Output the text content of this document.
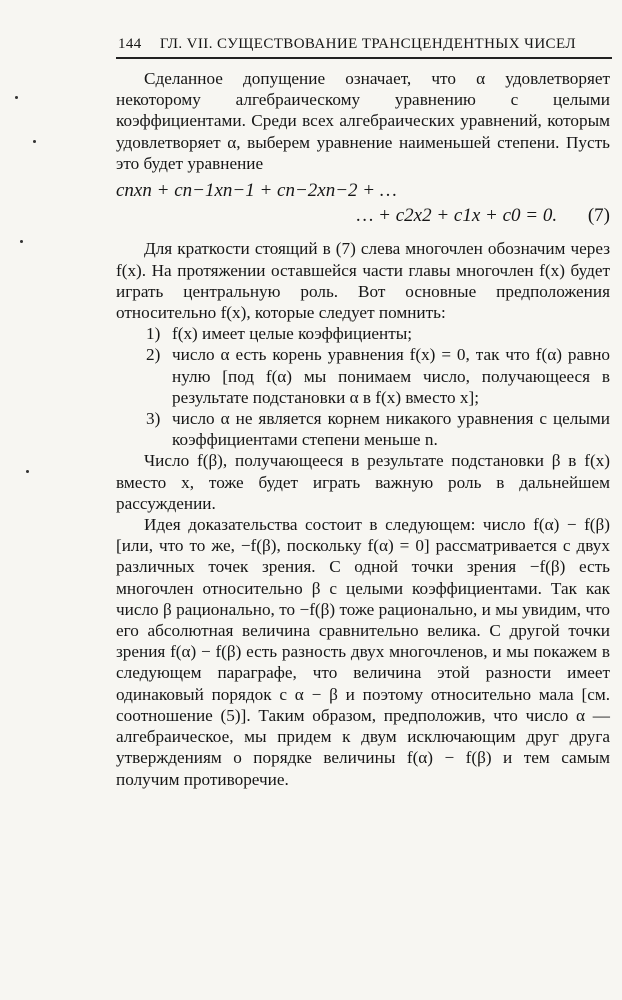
144 ГЛ. VII. СУЩЕСТВОВАНИЕ ТРАНСЦЕНДЕНТНЫХ ЧИСЕЛ

Сделанное допущение означает, что α удовлетворяет некоторому алгебраическому уравнению с целыми коэффициентами. Среди всех алгебраических уравнений, которым удовлетворяет α, выберем уравнение наименьшей степени. Пусть это будет уравнение

cnxn + cn−1xn−1 + cn−2xn−2 + …
… + c2x2 + c1x + c0 = 0. (7)

Для краткости стоящий в (7) слева многочлен обозначим через f(x). На протяжении оставшейся части главы многочлен f(x) будет играть центральную роль. Вот основные предположения относительно f(x), которые следует помнить:

1) f(x) имеет целые коэффициенты;
2) число α есть корень уравнения f(x) = 0, так что f(α) равно нулю [под f(α) мы понимаем число, получающееся в результате подстановки α в f(x) вместо x];
3) число α не является корнем никакого уравнения с целыми коэффициентами степени меньше n.

Число f(β), получающееся в результате подстановки β в f(x) вместо x, тоже будет играть важную роль в дальнейшем рассуждении.

Идея доказательства состоит в следующем: число f(α) − f(β) [или, что то же, −f(β), поскольку f(α) = 0] рассматривается с двух различных точек зрения. С одной точки зрения −f(β) есть многочлен относительно β с целыми коэффициентами. Так как число β рационально, то −f(β) тоже рационально, и мы увидим, что его абсолютная величина сравнительно велика. С другой точки зрения f(α) − f(β) есть разность двух многочленов, и мы покажем в следующем параграфе, что величина этой разности имеет одинаковый порядок с α − β и поэтому относительно мала [см. соотношение (5)]. Таким образом, предположив, что число α — алгебраическое, мы придем к двум исключающим друг друга утверждениям о порядке величины f(α) − f(β) и тем самым получим противоречие.
